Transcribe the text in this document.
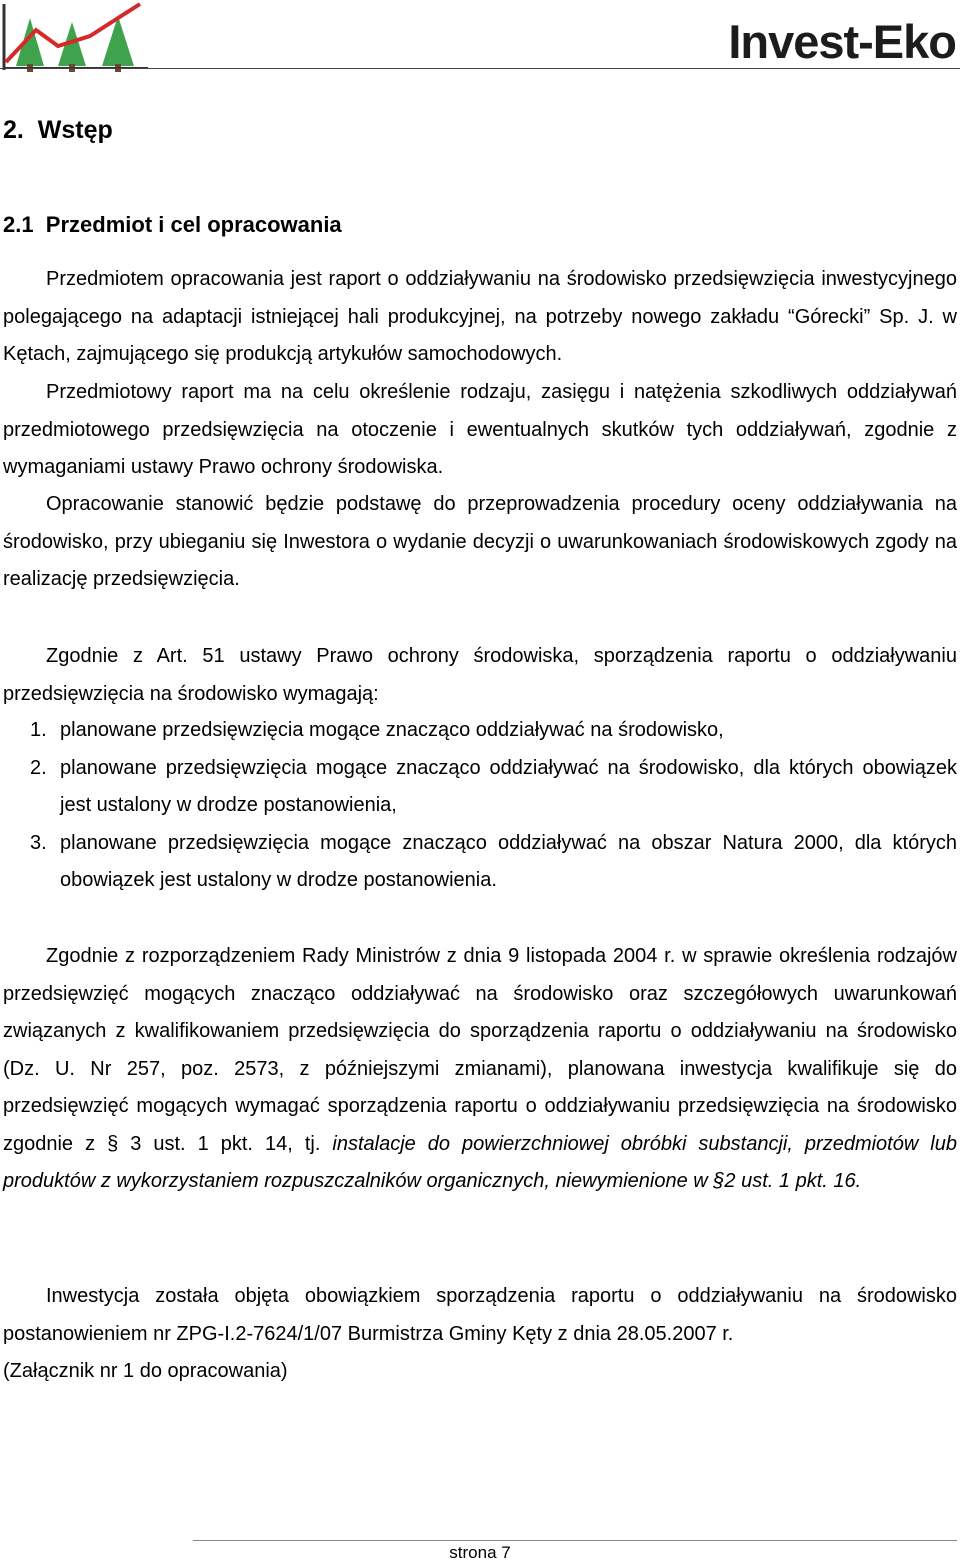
Invest-Eko
2.  Wstęp
2.1  Przedmiot i cel opracowania

Przedmiotem opracowania jest raport o oddziaływaniu na środowisko przedsięwzięcia inwestycyjnego polegającego na adaptacji istniejącej hali produkcyjnej, na potrzeby nowego zakładu “Górecki” Sp. J. w Kętach, zajmującego się produkcją artykułów samochodowych.

Przedmiotowy raport ma na celu określenie rodzaju, zasięgu i natężenia szkodliwych oddziaływań przedmiotowego przedsięwzięcia na otoczenie i ewentualnych skutków tych oddziaływań, zgodnie z wymaganiami ustawy Prawo ochrony środowiska.

Opracowanie stanowić będzie podstawę do przeprowadzenia procedury oceny oddziaływania na środowisko, przy ubieganiu się Inwestora o wydanie decyzji o uwarunkowaniach środowiskowych zgody na realizację przedsięwzięcia.

Zgodnie z Art. 51 ustawy Prawo ochrony środowiska, sporządzenia raportu o oddziaływaniu przedsięwzięcia na środowisko wymagają:

1. planowane przedsięwzięcia mogące znacząco oddziaływać na środowisko,
2. planowane przedsięwzięcia mogące znacząco oddziaływać na środowisko, dla których obowiązek jest ustalony w drodze postanowienia,
3. planowane przedsięwzięcia mogące znacząco oddziaływać na obszar Natura 2000, dla których obowiązek jest ustalony w drodze postanowienia.

Zgodnie z rozporządzeniem Rady Ministrów z dnia 9 listopada 2004 r. w sprawie określenia rodzajów przedsięwzięć mogących znacząco oddziaływać na środowisko oraz szczegółowych uwarunkowań związanych z kwalifikowaniem przedsięwzięcia do sporządzenia raportu o oddziaływaniu na środowisko (Dz. U. Nr 257, poz. 2573, z późniejszymi zmianami), planowana inwestycja kwalifikuje się do przedsięwzięć mogących wymagać sporządzenia raportu o oddziaływaniu przedsięwzięcia na środowisko zgodnie z § 3 ust. 1 pkt. 14, tj. instalacje do powierzchniowej obróbki substancji, przedmiotów lub produktów z wykorzystaniem rozpuszczalników organicznych, niewymienione w §2 ust. 1 pkt. 16.

Inwestycja została objęta obowiązkiem sporządzenia raportu o oddziaływaniu na środowisko postanowieniem nr ZPG-I.2-7624/1/07 Burmistrza Gminy Kęty z dnia 28.05.2007 r.

(Załącznik nr 1 do opracowania)

strona 7
